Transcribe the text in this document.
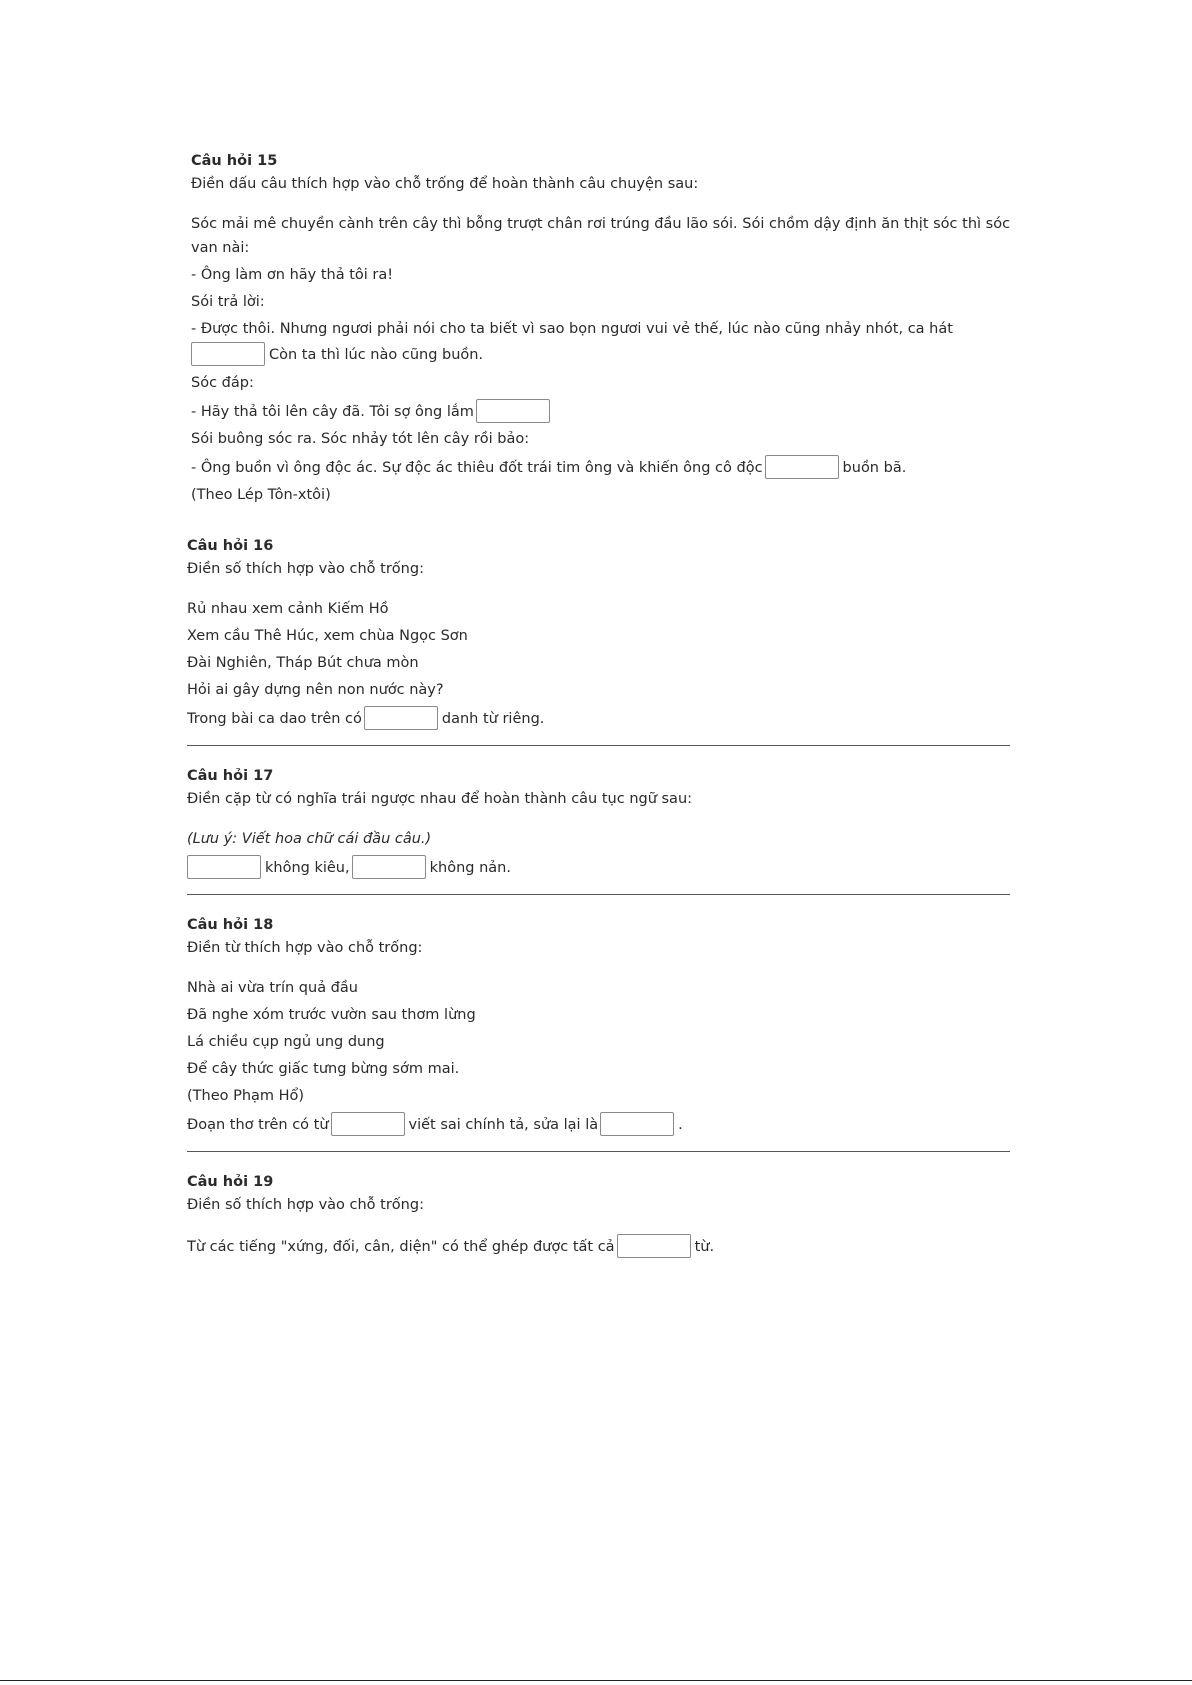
Câu hỏi 15
Điền dấu câu thích hợp vào chỗ trống để hoàn thành câu chuyện sau:
Sóc mải mê chuyền cành trên cây thì bỗng trượt chân rơi trúng đầu lão sói. Sói chồm dậy định ăn thịt sóc thì sóc
van nài:
- Ông làm ơn hãy thả tôi ra!
Sói trả lời:
- Được thôi. Nhưng ngươi phải nói cho ta biết vì sao bọn ngươi vui vẻ thế, lúc nào cũng nhảy nhót, ca hát
Còn ta thì lúc nào cũng buồn.
Sóc đáp:
- Hãy thả tôi lên cây đã. Tôi sợ ông lắm
Sói buông sóc ra. Sóc nhảy tót lên cây rồi bảo:
- Ông buồn vì ông độc ác. Sự độc ác thiêu đốt trái tim ông và khiến ông cô độc	buồn bã.
(Theo Lép Tôn-xtôi)
Câu hỏi 16
Điền số thích hợp vào chỗ trống:
Rủ nhau xem cảnh Kiếm Hồ
Xem cầu Thê Húc, xem chùa Ngọc Sơn
Đài Nghiên, Tháp Bút chưa mòn
Hỏi ai gây dựng nên non nước này?
Trong bài ca dao trên có	danh từ riêng.
Câu hỏi 17
Điền cặp từ có nghĩa trái ngược nhau để hoàn thành câu tục ngữ sau:
(Lưu ý: Viết hoa chữ cái đầu câu.)
không kiêu,	không nản.
Câu hỏi 18
Điền từ thích hợp vào chỗ trống:
Nhà ai vừa trín quả đầu
Đã nghe xóm trước vườn sau thơm lừng
Lá chiều cụp ngủ ung dung
Để cây thức giấc tưng bừng sớm mai.
(Theo Phạm Hổ)
Đoạn thơ trên có từ	viết sai chính tả, sửa lại là	.
Câu hỏi 19
Điền số thích hợp vào chỗ trống:
Từ các tiếng "xứng, đối, cân, diện" có thể ghép được tất cả	từ.
